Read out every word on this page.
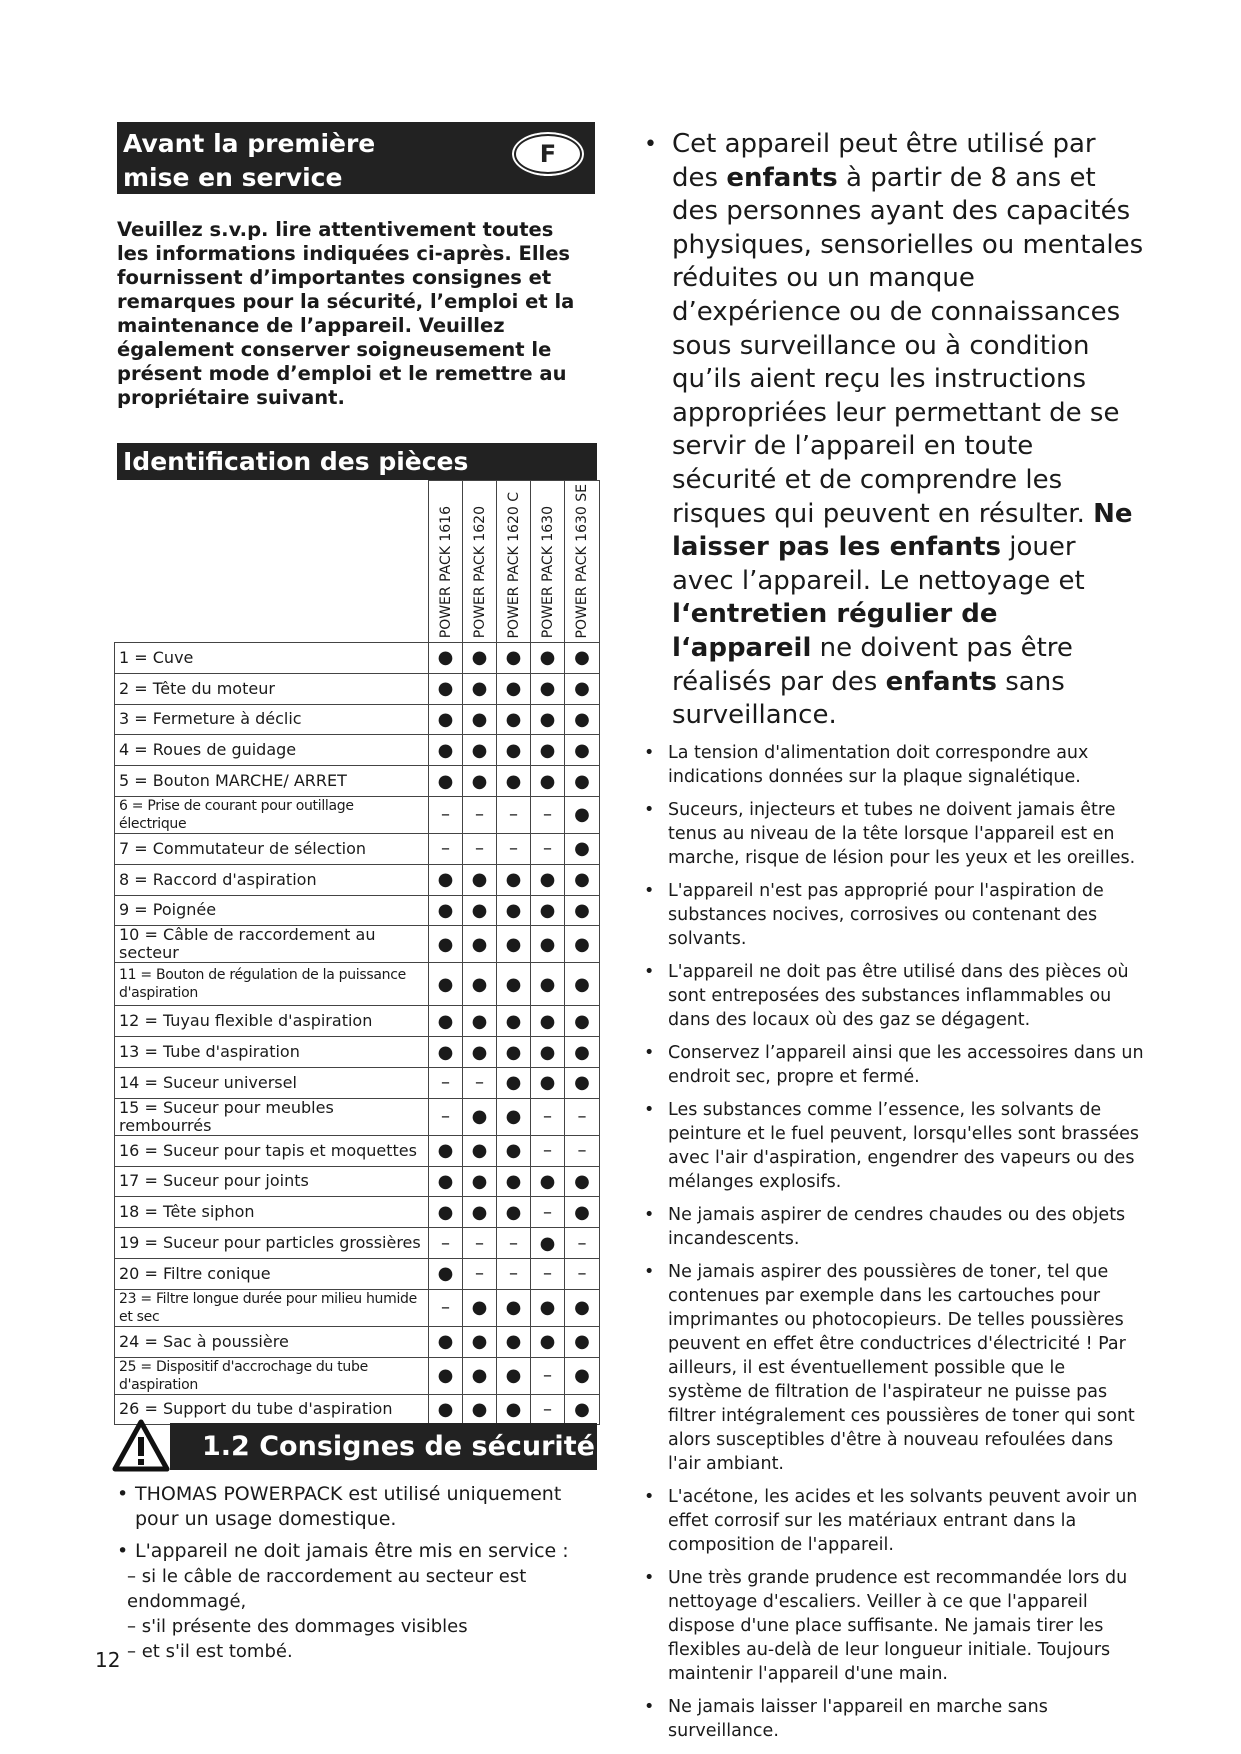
Avant la première
mise en service
F
Veuillez s.v.p. lire attentivement toutes les informations indiquées ci-après. Elles fournissent d’importantes consignes et remarques pour la sécurité, l’emploi et la maintenance de l’appareil. Veuillez également conserver soigneusement le présent mode d’emploi et le remettre au propriétaire suivant.
Identification des pièces

	POWER PACK 1616	POWER PACK 1620	POWER PACK 1620 C	POWER PACK 1630	POWER PACK 1630 SE

1 = Cuve	●	●	●	●	●
2 = Tête du moteur	●	●	●	●	●
3 = Fermeture à déclic	●	●	●	●	●
4 = Roues de guidage	●	●	●	●	●
5 = Bouton MARCHE/ ARRET	●	●	●	●	●
6 = Prise de courant pour outillage électrique	–	–	–	–	●
7 = Commutateur de sélection	–	–	–	–	●
8 = Raccord d'aspiration	●	●	●	●	●
9 = Poignée	●	●	●	●	●
10 = Câble de raccordement au secteur	●	●	●	●	●
11 = Bouton de régulation de la puissance d'aspiration	●	●	●	●	●
12 = Tuyau flexible d'aspiration	●	●	●	●	●
13 = Tube d'aspiration	●	●	●	●	●
14 = Suceur universel	–	–	●	●	●
15 = Suceur pour meubles rembourrés	–	●	●	–	–
16 = Suceur pour tapis et moquettes	●	●	●	–	–
17 = Suceur pour joints	●	●	●	●	●
18 = Tête siphon	●	●	●	–	●
19 = Suceur pour particles grossières	–	–	–	●	–
20 = Filtre conique	●	–	–	–	–
23 = Filtre longue durée pour milieu humide et sec	–	●	●	●	●
24 = Sac à poussière	●	●	●	●	●
25 = Dispositif d'accrochage du tube d'aspiration	●	●	●	–	●
26 = Support du tube d'aspiration	●	●	●	–	●
1.2 Consignes de sécurité
• THOMAS POWERPACK est utilisé uniquement pour un usage domestique.
• L'appareil ne doit jamais être mis en service :
– si le câble de raccordement au secteur est endommagé,
– s'il présente des dommages visibles
– et s'il est tombé.
12

• Cet appareil peut être utilisé par des enfants à partir de 8 ans et des personnes ayant des capacités physiques, sensorielles ou mentales réduites ou un manque d’expérience ou de connaissances sous surveillance ou à condition qu’ils aient reçu les instructions appropriées leur permettant de se servir de l’appareil en toute sécurité et de comprendre les risques qui peuvent en résulter. Ne laisser pas les enfants jouer avec l’appareil. Le nettoyage et l‘entretien régulier de l‘appareil ne doivent pas être réalisés par des enfants sans surveillance.

• La tension d'alimentation doit correspondre aux indications données sur la plaque signalétique.
• Suceurs, injecteurs et tubes ne doivent jamais être tenus au niveau de la tête lorsque l'appareil est en marche, risque de lésion pour les yeux et les oreilles.
• L'appareil n'est pas approprié pour l'aspiration de substances nocives, corrosives ou contenant des solvants.
• L'appareil ne doit pas être utilisé dans des pièces où sont entreposées des substances inflammables ou dans des locaux où des gaz se dégagent.
• Conservez l’appareil ainsi que les accessoires dans un endroit sec, propre et fermé.
• Les substances comme l’essence, les solvants de peinture et le fuel peuvent, lorsqu'elles sont brassées avec l'air d'aspiration, engendrer des vapeurs ou des mélanges explosifs.
• Ne jamais aspirer de cendres chaudes ou des objets incandescents.
• Ne jamais aspirer des poussières de toner, tel que contenues par exemple dans les cartouches pour imprimantes ou photocopieurs. De telles poussières peuvent en effet être conductrices d'électricité ! Par ailleurs, il est éventuellement possible que le système de filtration de l'aspirateur ne puisse pas filtrer intégralement ces poussières de toner qui sont alors susceptibles d'être à nouveau refoulées dans l'air ambiant.
• L'acétone, les acides et les solvants peuvent avoir un effet corrosif sur les matériaux entrant dans la composition de l'appareil.
• Une très grande prudence est recommandée lors du nettoyage d'escaliers. Veiller à ce que l'appareil dispose d'une place suffisante. Ne jamais tirer les flexibles au-delà de leur longueur initiale. Toujours maintenir l'appareil d'une main.
• Ne jamais laisser l'appareil en marche sans surveillance.
